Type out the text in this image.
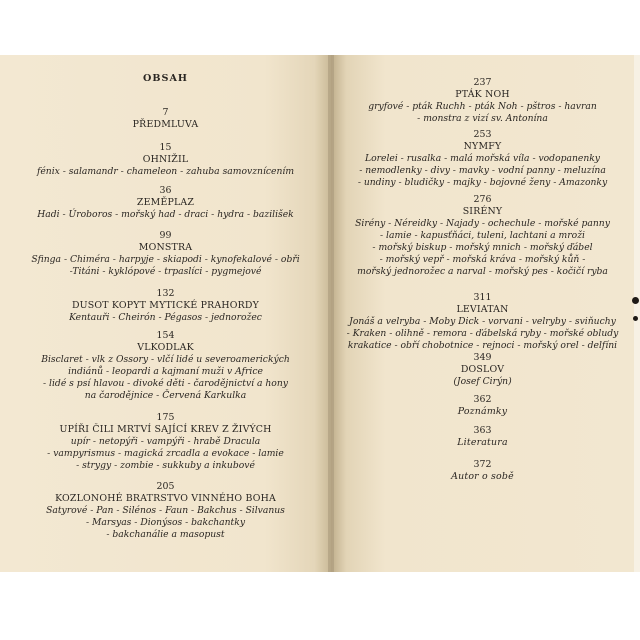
OBSAH
7
PŘEDMLUVA
15
OHNIŽIL
fénix - salamandr - chameleon - zahuba samovznícením
36
ZEMĚPLAZ
Hadi - Úroboros - mořský had - draci - hydra - bazilišek
99
MONSTRA
Sfinga - Chiméra - harpyje - skiapodi - kynofekalové - obři
-Titáni - kyklópové - trpaslíci - pygmejové
132
DUSOT KOPYT MYTICKÉ PRAHORDY
Kentauři - Cheirón - Pégasos - jednorožec
154
VLKODLAK
Bisclaret - vlk z Ossory - vlčí lidé u severoamerických
indiánů - leopardi a kajmaní muži v Africe
- lidé s psí hlavou - divoké děti - čarodějnictví a hony
na čarodějnice - Červená Karkulka
175
UPÍŘI ČILI MRTVÍ SAJÍCÍ KREV Z ŽIVÝCH
upír - netopýři - vampýři - hrabě Dracula
- vampyrismus - magická zrcadla a evokace - lamie
- strygy - zombie - sukkuby a inkubové
205
KOZLONOHÉ BRATRSTVO VINNÉHO BOHA
Satyrové - Pan - Silénos - Faun - Bakchus - Silvanus
- Marsyas - Dionýsos - bakchantky
- bakchanálie a masopust
237
PTÁK NOH
gryfové - pták Ruchh - pták Noh - pštros - havran
- monstra z vizí sv. Antonína
253
NYMFY
Lorelei - rusalka - malá mořská víla - vodopanenky
- nemodlenky - divy - mavky - vodní panny - meluzína
- undiny - bludičky - majky - bojovné ženy - Amazonky
276
SIRÉNY
Sirény - Néreidky - Najady - ochechule - mořské panny
- lamie - kapusťňáci, tuleni, lachtani a mroži
- mořský biskup - mořský mnich - mořský ďábel
- mořský vepř - mořská kráva - mořský kůň -
mořský jednorožec a narval - mořský pes - kočičí ryba
311
LEVIATAN
Jonáš a velryba - Moby Dick - vorvani - velryby - sviňuchy
- Kraken - olihně - remora - ďábelská ryby - mořské obludy
krakatice - obří chobotnice - rejnoci - mořský orel - delfíni
349
DOSLOV
(Josef Cirýn)
362
Poznámky
363
Literatura
372
Autor o sobě
